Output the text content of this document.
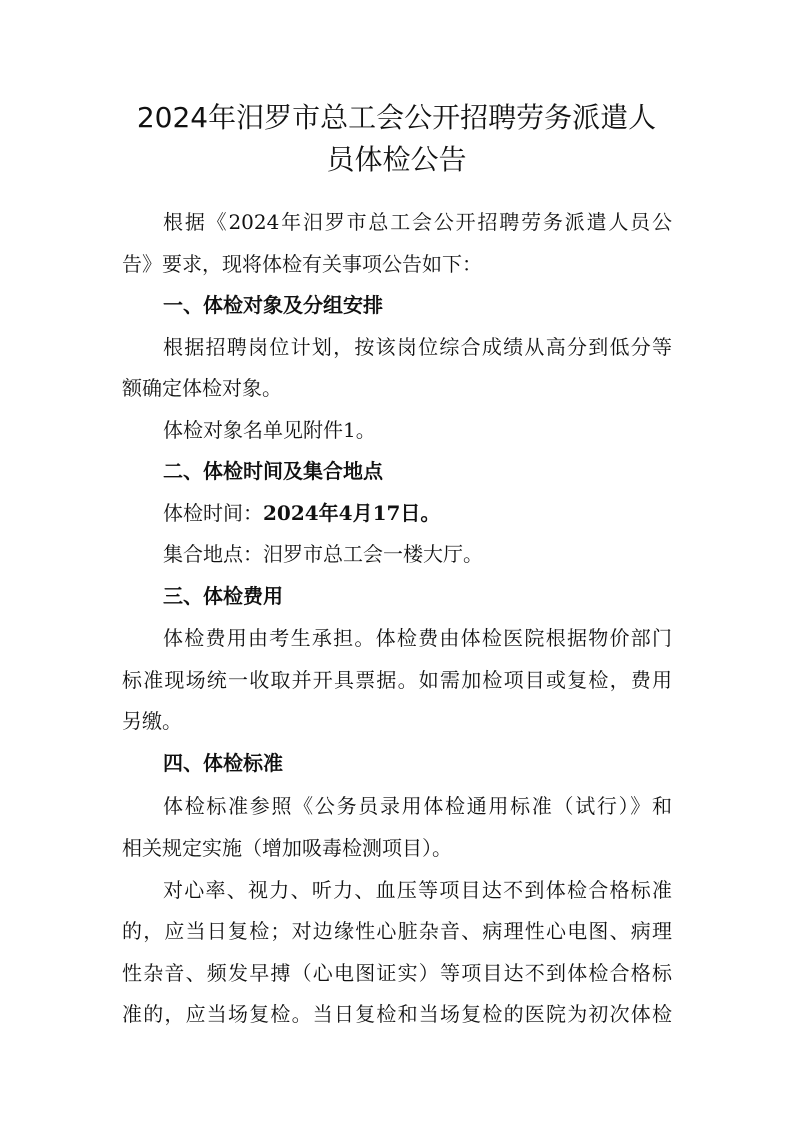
2024年汨罗市总工会公开招聘劳务派遣人
员体检公告
根据《2024年汨罗市总工会公开招聘劳务派遣人员公
告》要求，现将体检有关事项公告如下：
一、体检对象及分组安排
根据招聘岗位计划，按该岗位综合成绩从高分到低分等
额确定体检对象。
体检对象名单见附件1。
二、体检时间及集合地点
体检时间：2024年4月17日。
集合地点：汨罗市总工会一楼大厅。
三、体检费用
体检费用由考生承担。体检费由体检医院根据物价部门
标准现场统一收取并开具票据。如需加检项目或复检，费用
另缴。
四、体检标准
体检标准参照《公务员录用体检通用标准（试行）》和
相关规定实施（增加吸毒检测项目）。
对心率、视力、听力、血压等项目达不到体检合格标准
的，应当日复检；对边缘性心脏杂音、病理性心电图、病理
性杂音、频发早搏（心电图证实）等项目达不到体检合格标
准的，应当场复检。当日复检和当场复检的医院为初次体检
